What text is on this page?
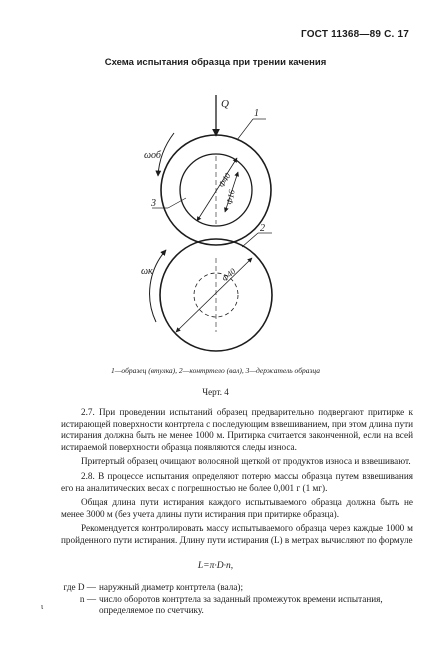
ГОСТ 11368—89 С. 17
Схема испытания образца при трении качения
Q
Φ40
Φ16
ωоб
1
3
Φ40
ωк
2
1—образец (втулка), 2—контртело (вал), 3—держатель образца
Черт. 4

2.7. При проведении испытаний образец предварительно подвергают притирке к истирающей поверхности контртела с последующим взвешиванием, при этом длина пути истирания должна быть не менее 1000 м. Притирка считается законченной, если на всей истираемой поверхности образца появляются следы износа.

Притертый образец очищают волосяной щеткой от продуктов износа и взвешивают.

2.8. В процессе испытания определяют потерю массы образца путем взвешивания его на аналитических весах с погрешностью не более 0,001 г (1 мг).

Общая длина пути истирания каждого испытываемого образца должна быть не менее 3000 м (без учета длины пути истирания при притирке образца).

Рекомендуется контролировать массу испытываемого образца через каждые 1000 м пройденного пути истирания. Длину пути истирания (L) в метрах вычисляют по формуле

L=π·D·n,
где D — наружный диаметр контртела (вала);
n — число оборотов контртела за заданный промежуток времени испытания, определяемое по счетчику.
ɩ
